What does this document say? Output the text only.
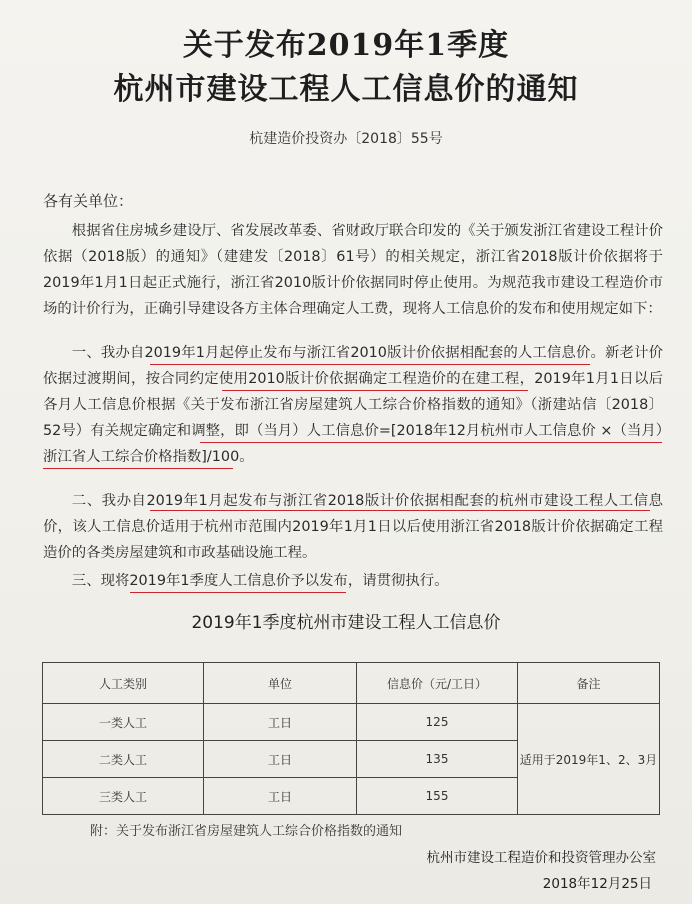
关于发布2019年1季度
杭州市建设工程人工信息价的通知
杭建造价投资办〔2018〕55号
各有关单位：
根据省住房城乡建设厅、省发展改革委、省财政厅联合印发的《关于颁发浙江省建设工程计价依据（2018版）的通知》（建建发〔2018〕61号）的相关规定，浙江省2018版计价依据将于2019年1月1日起正式施行，浙江省2010版计价依据同时停止使用。为规范我市建设工程造价市场的计价行为，正确引导建设各方主体合理确定人工费，现将人工信息价的发布和使用规定如下：
一、我办自2019年1月起停止发布与浙江省2010版计价依据相配套的人工信息价。新老计价依据过渡期间，按合同约定使用2010版计价依据确定工程造价的在建工程，2019年1月1日以后各月人工信息价根据《关于发布浙江省房屋建筑人工综合价格指数的通知》（浙建站信〔2018〕52号）有关规定确定和调整，即（当月）人工信息价=[2018年12月杭州市人工信息价 ×（当月）浙江省人工综合价格指数]/100。
二、我办自2019年1月起发布与浙江省2018版计价依据相配套的杭州市建设工程人工信息价，该人工信息价适用于杭州市范围内2019年1月1日以后使用浙江省2018版计价依据确定工程造价的各类房屋建筑和市政基础设施工程。
三、现将2019年1季度人工信息价予以发布，请贯彻执行。
2019年1季度杭州市建设工程人工信息价
人工类别	单位	信息价（元/工日）	备注
一类人工	工日	125	适用于2019年1、2、3月
二类人工	工日	135	
三类人工	工日	155	
附：关于发布浙江省房屋建筑人工综合价格指数的通知
杭州市建设工程造价和投资管理办公室
2018年12月25日
